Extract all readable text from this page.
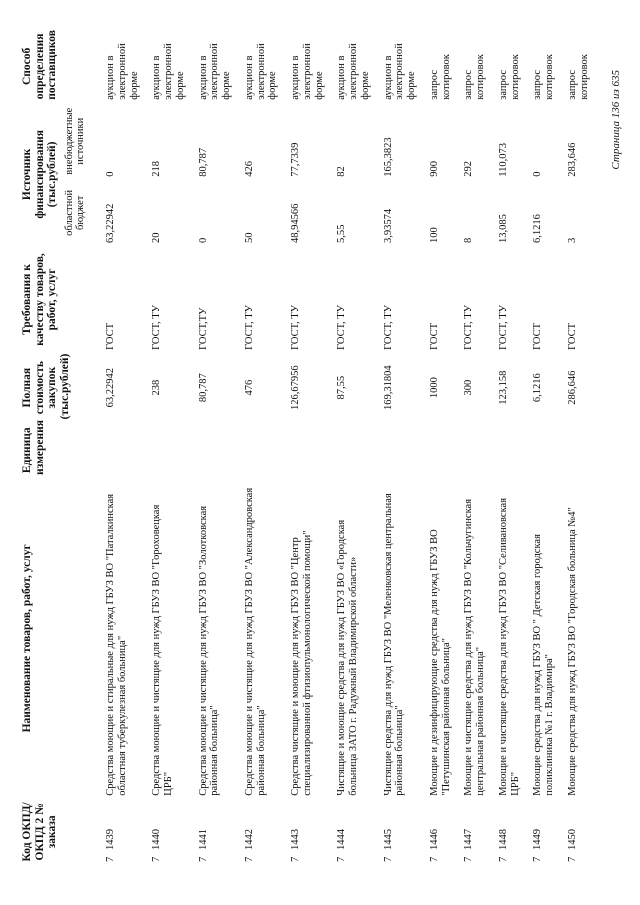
Код ОКПД/ ОКПД 2 № заказа	Наименование товаров, работ, услуг	Единица измерения	Полная стоимость закупок (тыс.рублей)	Требования к качеству товаров, работ, услуг	Источник финансирования (тыс.рублей)		Способ определения поставщиков
					областной бюджет	внебюджетные источники	
71439	Средства моющие и стиральные для нужд ГБУЗ ВО "Паталкинская областная туберкулезная больница"		63,22942	ГОСТ	63,22942	0	аукцион в электронной форме
71440	Средства моющие и чистящие для нужд ГБУЗ ВО "Гороховецкая ЦРБ"		238	ГОСТ, ТУ	20	218	аукцион в электронной форме
71441	Средства моющие и чистящие для нужд ГБУЗ ВО "Золотковская районная больница"		80,787	ГОСТ,ТУ	0	80,787	аукцион в электронной форме
71442	Средства моющие и чистящие для нужд ГБУЗ ВО "Александровская районная больница"		476	ГОСТ, ТУ	50	426	аукцион в электронной форме
71443	Средства чистящие и моющие для нужд ГБУЗ ВО "Центр специализированной фтизиопульмонологической помощи"		126,67956	ГОСТ, ТУ	48,94566	77,7339	аукцион в электронной форме
71444	Чистящие и моющие средства для нужд ГБУЗ ВО «Городская больница ЗАТО г. Радужный Владимирской области»		87,55	ГОСТ, ТУ	5,55	82	аукцион в электронной форме
71445	Чистящие средства для нужд ГБУЗ ВО "Меленковская центральная районная больница"		169,31804	ГОСТ, ТУ	3,93574	165,3823	аукцион в электронной форме
71446	Моющие и дезинфицирующие средства для нужд ГБУЗ ВО "Петушинская районная больница"		1000	ГОСТ	100	900	запрос котировок
71447	Моющие и чистящие средства для нужд ГБУЗ ВО "Кольчугинская центральная районная больница"		300	ГОСТ, ТУ	8	292	запрос котировок
71448	Моющие и чистящие средства для нужд ГБУЗ ВО "Селивановская ЦРБ"		123,158	ГОСТ, ТУ	13,085	110,073	запрос котировок
71449	Моющие средства для нужд ГБУЗ ВО " Детская городская поликлиника №1 г. Владимира"		6,1216	ГОСТ	6,1216	0	запрос котировок
71450	Моющие средства для нужд ГБУЗ ВО "Городская больница №4"		286,646	ГОСТ	3	283,646	запрос котировок Страница 136 из 635
